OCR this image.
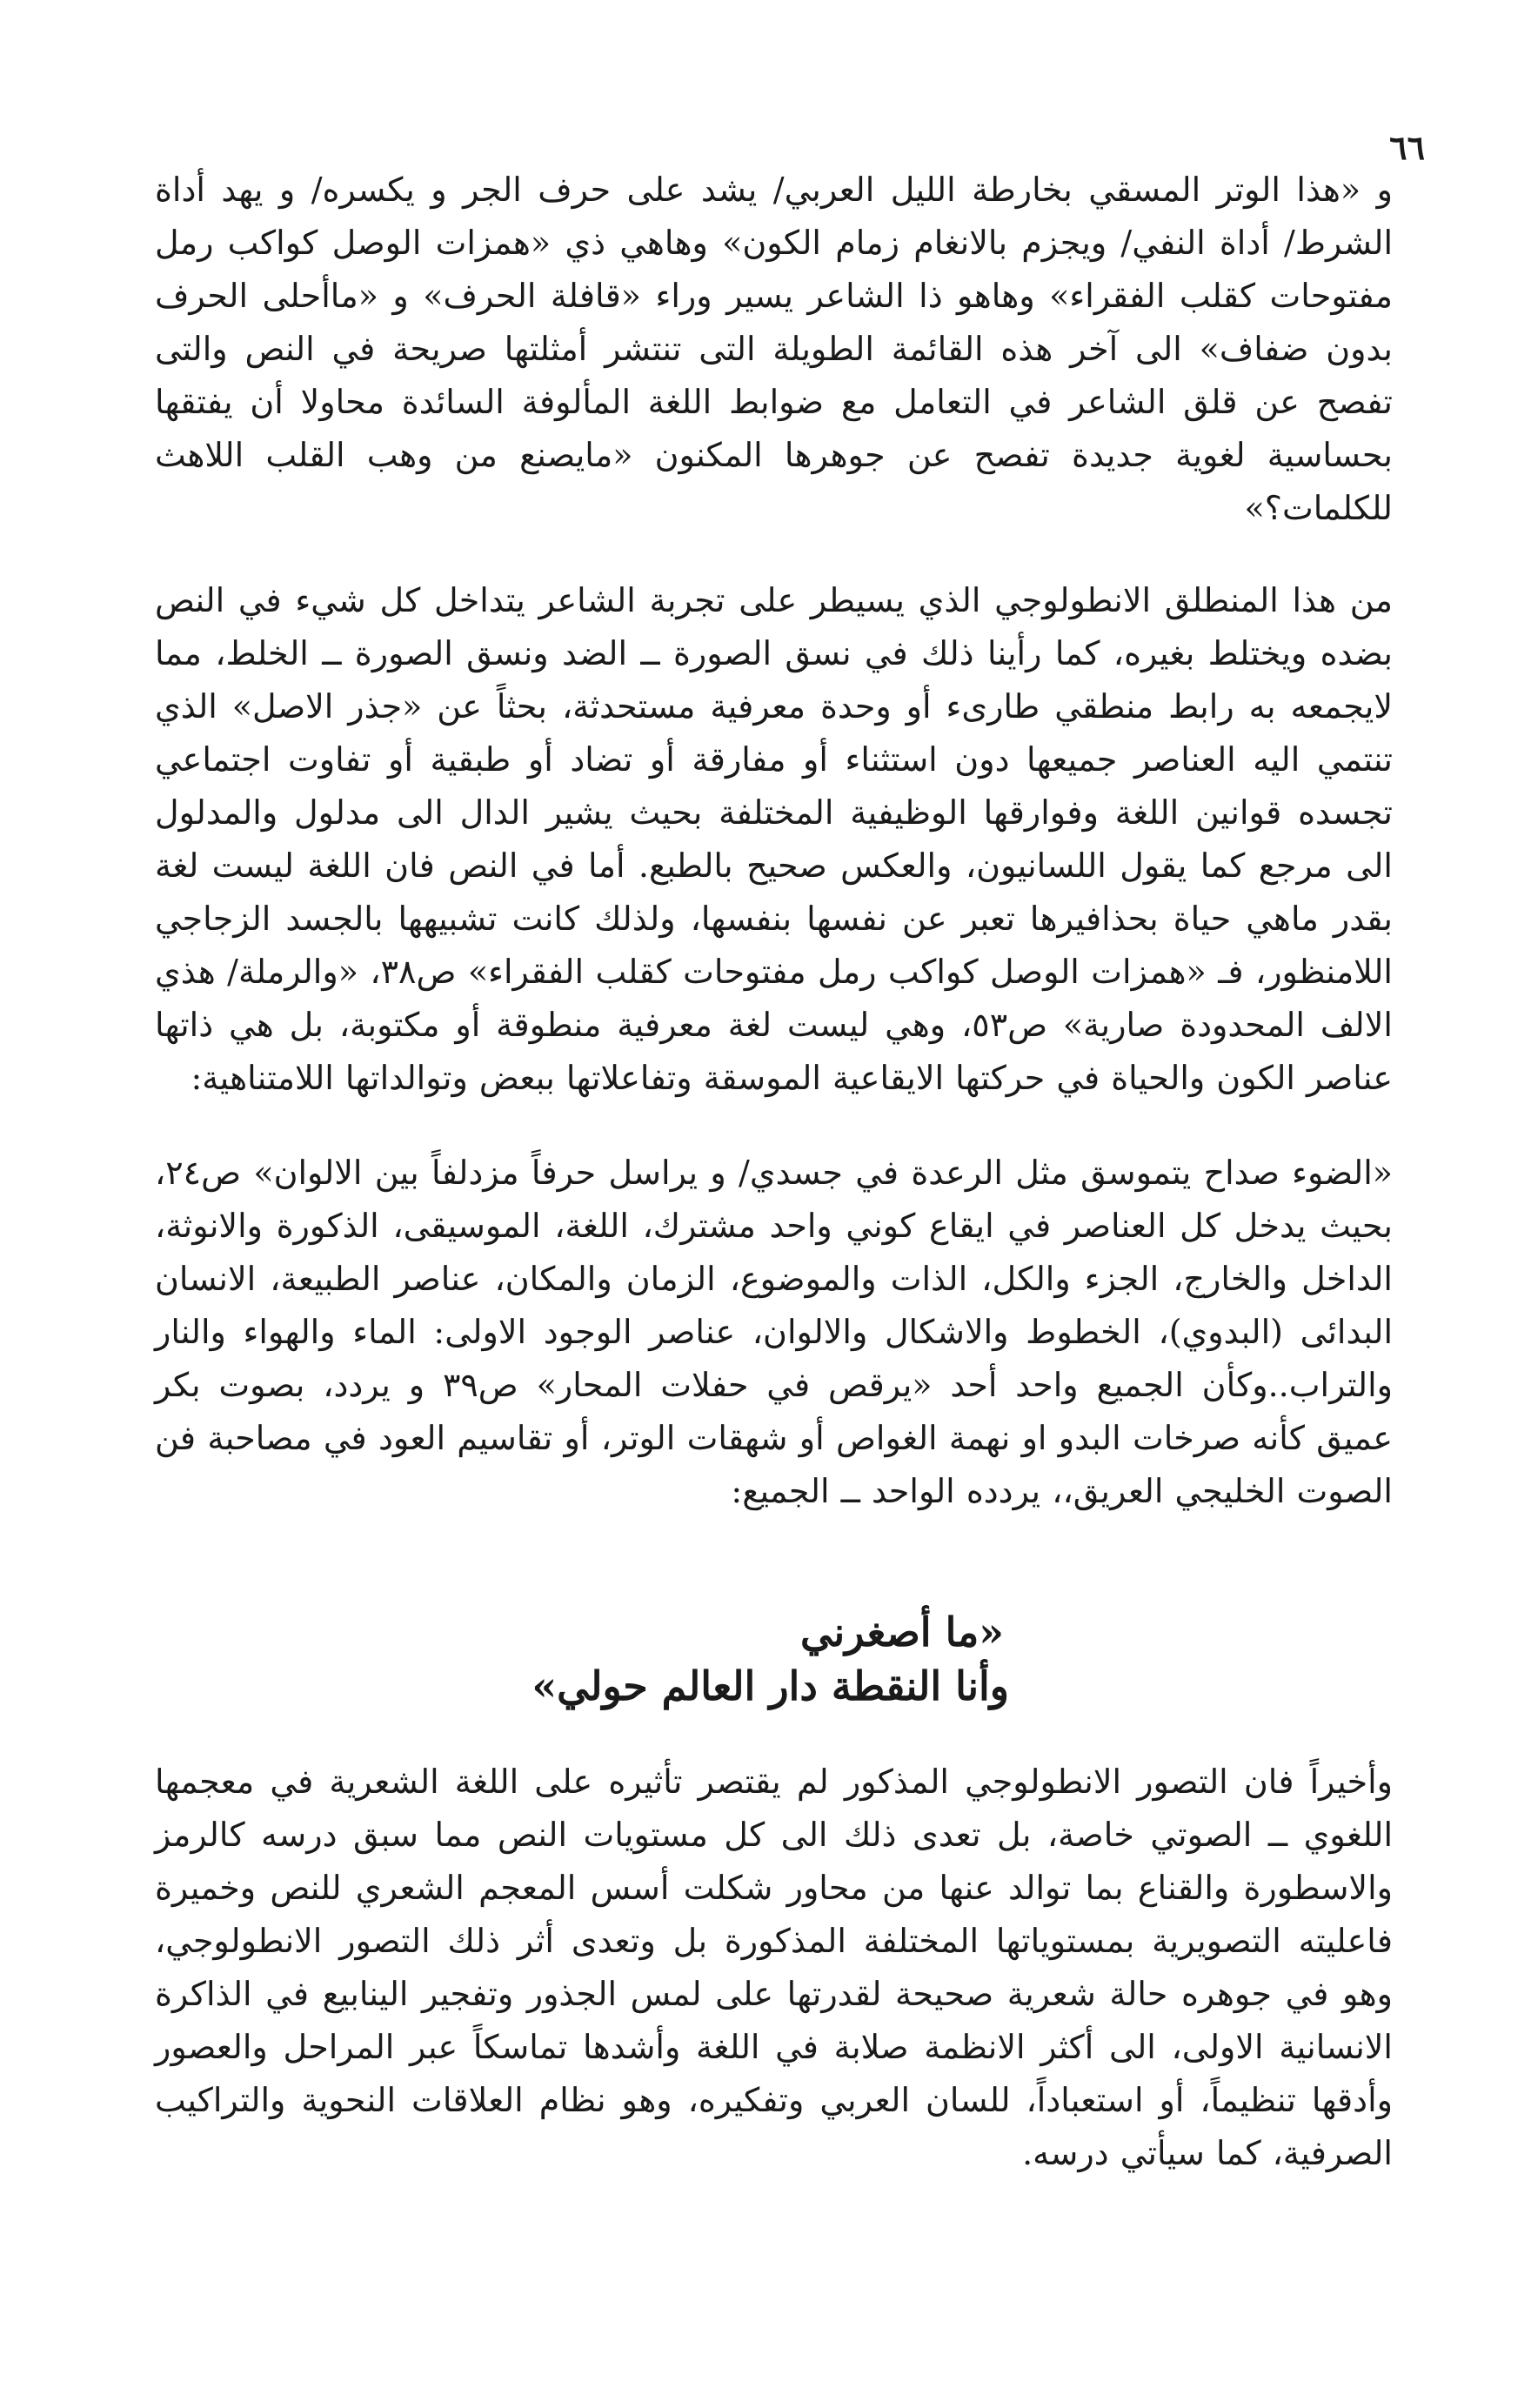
٦٦

و «هذا الوتر المسقي بخارطة الليل العربي/ يشد على حرف الجر و يكسره/ و يهد أداة الشرط/ أداة النفي/ ويجزم بالانغام زمام الكون» وهاهي ذي «همزات الوصل كواكب رمل مفتوحات كقلب الفقراء» وهاهو ذا الشاعر يسير وراء «قافلة الحرف» و «ماأحلى الحرف بدون ضفاف» الى آخر هذه القائمة الطويلة التى تنتشر أمثلتها صريحة في النص والتى تفصح عن قلق الشاعر في التعامل مع ضوابط اللغة المألوفة السائدة محاولا أن يفتقها بحساسية لغوية جديدة تفصح عن جوهرها المكنون «مايصنع من وهب القلب اللاهث للكلمات؟»

من هذا المنطلق الانطولوجي الذي يسيطر على تجربة الشاعر يتداخل كل شيء في النص بضده ويختلط بغيره، كما رأينا ذلك في نسق الصورة ــ الضد ونسق الصورة ــ الخلط، مما لايجمعه به رابط منطقي طارىء أو وحدة معرفية مستحدثة، بحثاً عن «جذر الاصل» الذي تنتمي اليه العناصر جميعها دون استثناء أو مفارقة أو تضاد أو طبقية أو تفاوت اجتماعي تجسده قوانين اللغة وفوارقها الوظيفية المختلفة بحيث يشير الدال الى مدلول والمدلول الى مرجع كما يقول اللسانيون، والعكس صحيح بالطبع. أما في النص فان اللغة ليست لغة بقدر ماهي حياة بحذافيرها تعبر عن نفسها بنفسها، ولذلك كانت تشبيهها بالجسد الزجاجي اللامنظور، فـ «همزات الوصل كواكب رمل مفتوحات كقلب الفقراء» ص٣٨، «والرملة/ هذي الالف المحدودة صارية» ص٥٣، وهي ليست لغة معرفية منطوقة أو مكتوبة، بل هي ذاتها عناصر الكون والحياة في حركتها الايقاعية الموسقة وتفاعلاتها ببعض وتوالداتها اللامتناهية:

«الضوء صداح يتموسق مثل الرعدة في جسدي/ و يراسل حرفاً مزدلفاً بين الالوان» ص٢٤، بحيث يدخل كل العناصر في ايقاع كوني واحد مشترك، اللغة، الموسيقى، الذكورة والانوثة، الداخل والخارج، الجزء والكل، الذات والموضوع، الزمان والمكان، عناصر الطبيعة، الانسان البدائى (البدوي)، الخطوط والاشكال والالوان، عناصر الوجود الاولى: الماء والهواء والنار والتراب..وكأن الجميع واحد أحد «يرقص في حفلات المحار» ص٣٩ و يردد، بصوت بكر عميق كأنه صرخات البدو او نهمة الغواص أو شهقات الوتر، أو تقاسيم العود في مصاحبة فن الصوت الخليجي العريق،، يردده الواحد ــ الجميع:

«ما أصغرني
وأنا النقطة دار العالم حولي»

وأخيراً فان التصور الانطولوجي المذكور لم يقتصر تأثيره على اللغة الشعرية في معجمها اللغوي ــ الصوتي خاصة، بل تعدى ذلك الى كل مستويات النص مما سبق درسه كالرمز والاسطورة والقناع بما توالد عنها من محاور شكلت أسس المعجم الشعري للنص وخميرة فاعليته التصويرية بمستوياتها المختلفة المذكورة بل وتعدى أثر ذلك التصور الانطولوجي، وهو في جوهره حالة شعرية صحيحة لقدرتها على لمس الجذور وتفجير الينابيع في الذاكرة الانسانية الاولى، الى أكثر الانظمة صلابة في اللغة وأشدها تماسكاً عبر المراحل والعصور وأدقها تنظيماً، أو استعباداً، للسان العربي وتفكيره، وهو نظام العلاقات النحوية والتراكيب الصرفية، كما سيأتي درسه.
